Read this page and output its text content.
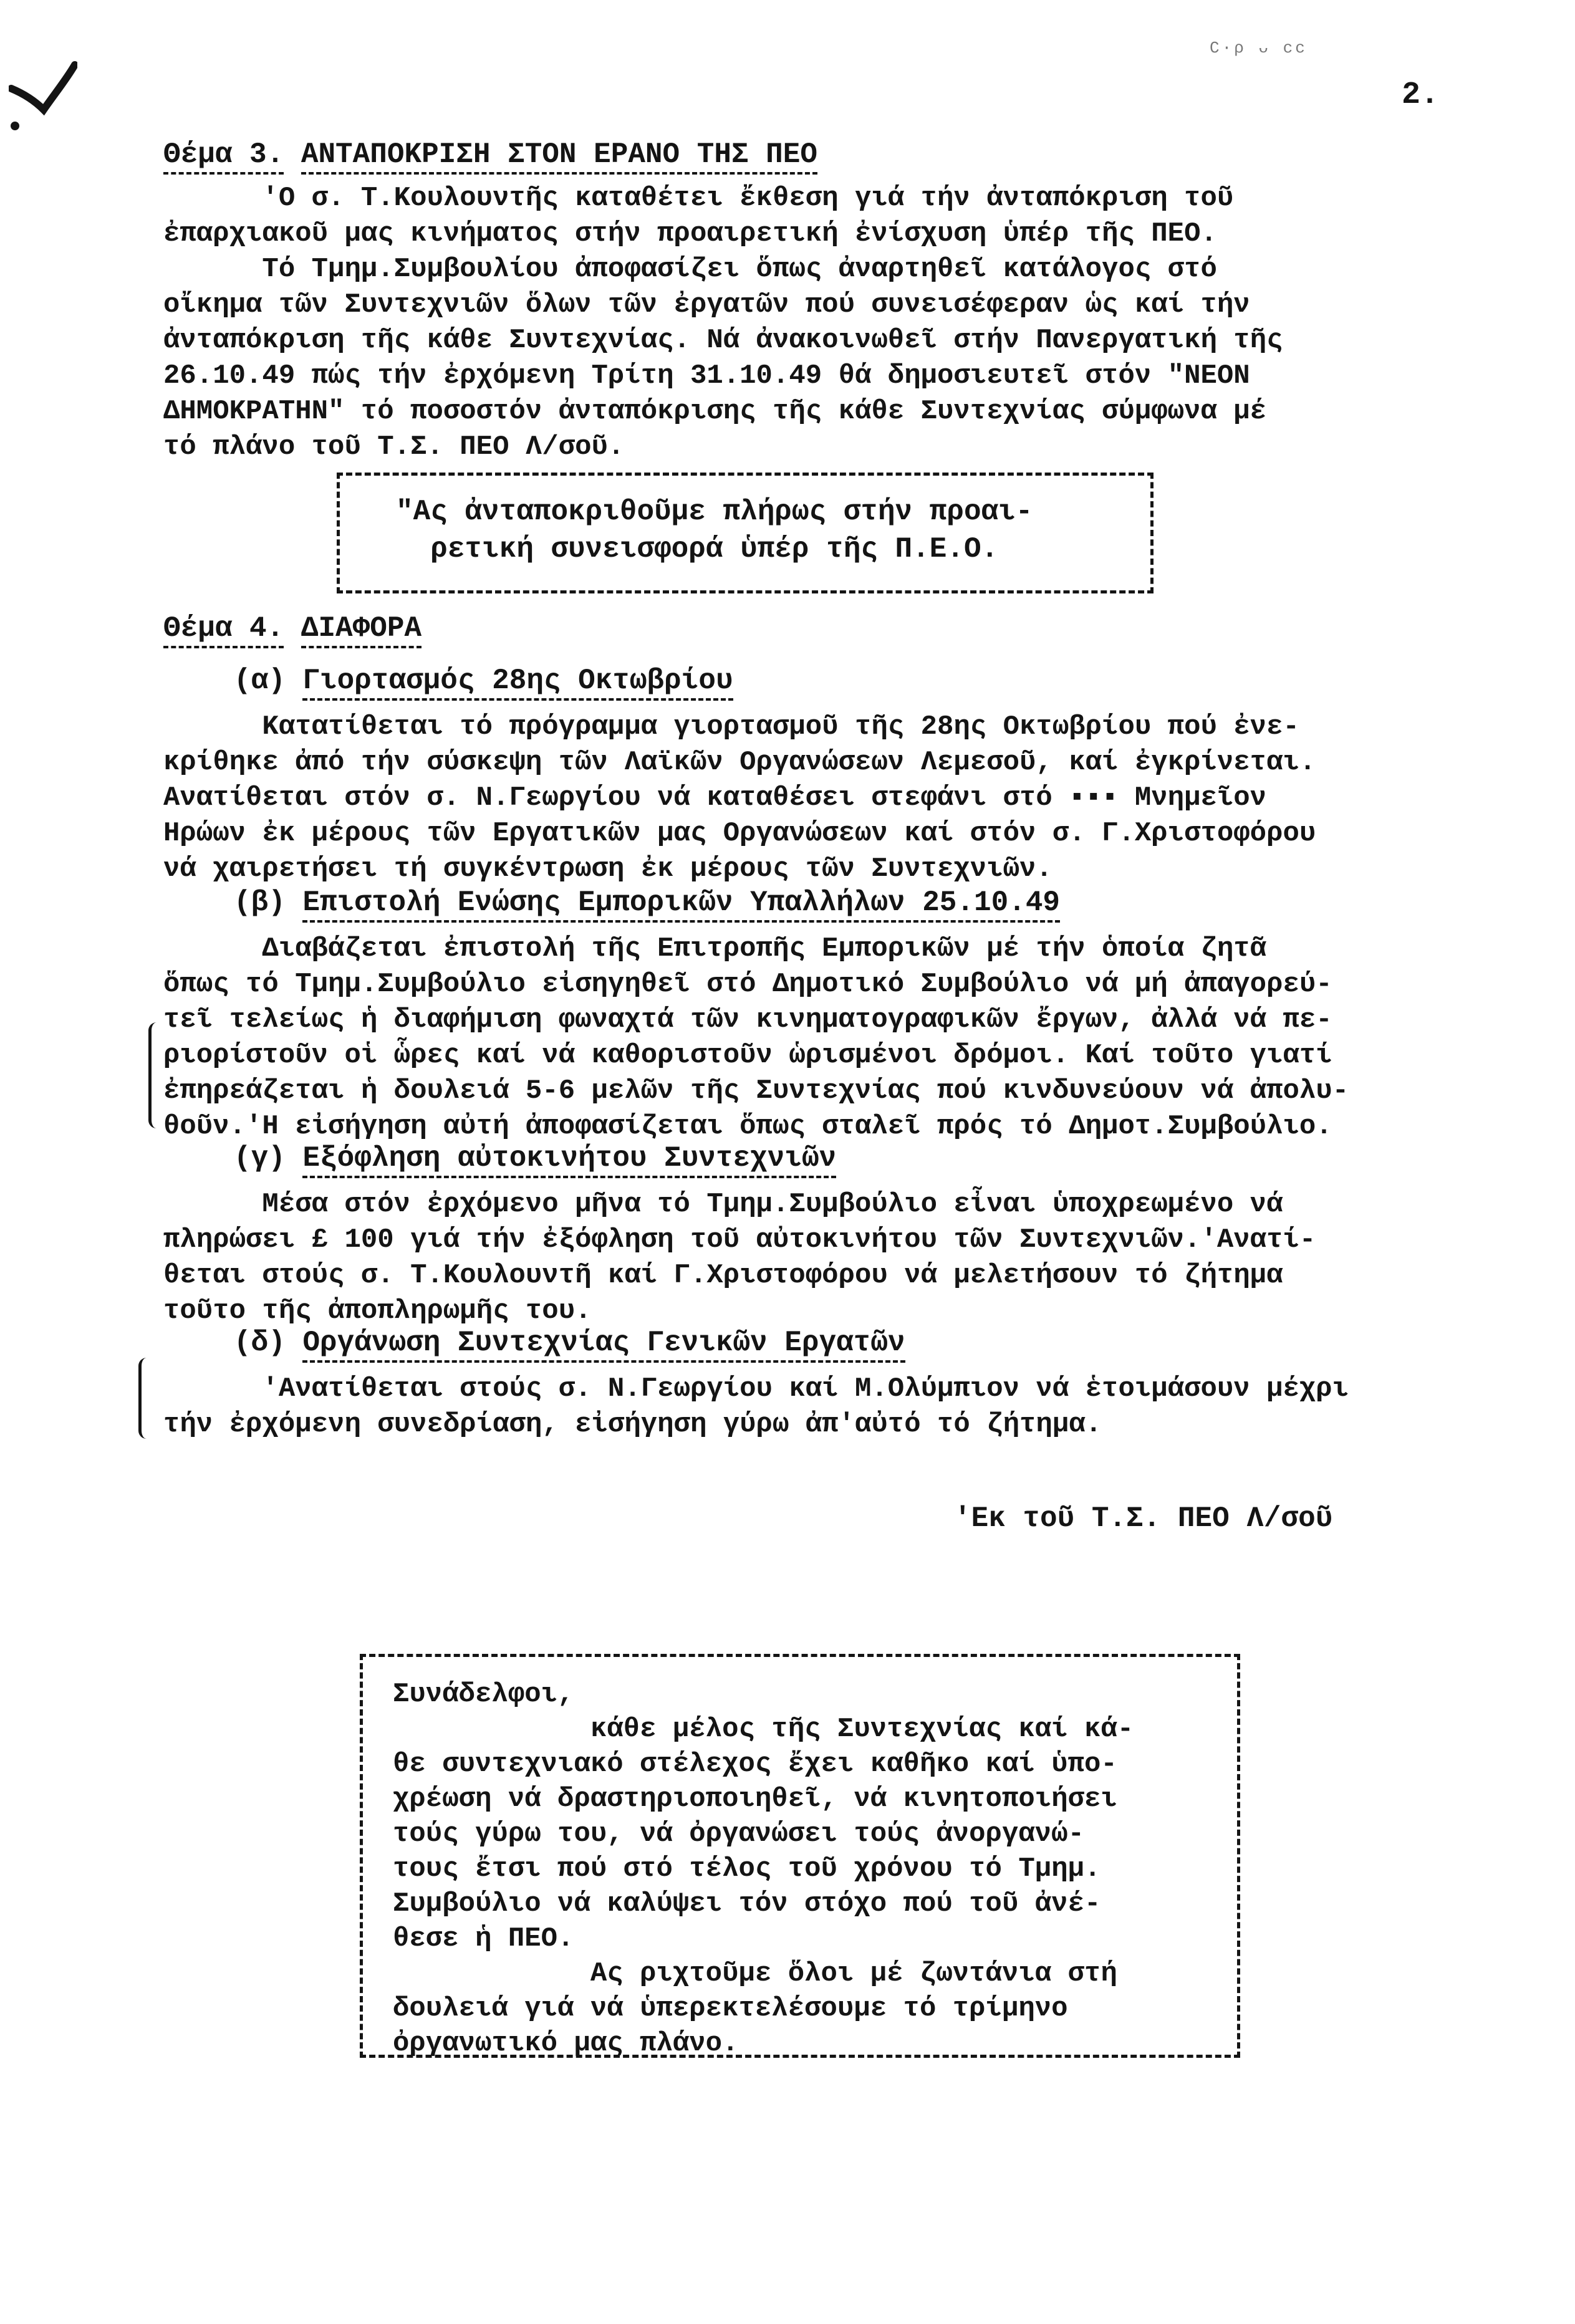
Ϲ·ρ ᴗ ϲϲ
2.
Θέμα 3. ΑΝΤΑΠΟΚΡΙΣΗ ΣΤΟΝ ΕΡΑΝΟ ΤΗΣ ΠΕΟ

'Ο σ. Τ.Κουλουντῆς καταθέτει ἔκθεση γιά τήν ἀνταπόκριση τοῦ

ἐπαρχιακοῦ μας κινήματος στήν προαιρετική ἐνίσχυση ὑπέρ τῆς ΠΕΟ.

Τό Τμημ.Συμβουλίου ἀποφασίζει ὅπως ἀναρτηθεῖ κατάλογος στό

οἴκημα τῶν Συντεχνιῶν ὅλων τῶν ἐργατῶν πού συνεισέφεραν ὡς καί τήν

ἀνταπόκριση τῆς κάθε Συντεχνίας. Νά ἀνακοινωθεῖ στήν Πανεργατική τῆς

26.10.49 πώς τήν ἐρχόμενη Τρίτη 31.10.49 θά δημοσιευτεῖ στόν "ΝΕΟΝ

ΔΗΜΟΚΡΑΤΗΝ" τό ποσοστόν ἀνταπόκρισης τῆς κάθε Συντεχνίας σύμφωνα μέ

τό πλάνο τοῦ Τ.Σ. ΠΕΟ Λ/σοῦ.

"Ας ἀνταποκριθοῦμε πλήρως στήν προαι-

ρετική συνεισφορά ὑπέρ τῆς Π.Ε.Ο.

Θέμα 4. ΔΙΑΦΟΡΑ
(α) Γιορτασμός 28ης Οκτωβρίου

Κατατίθεται τό πρόγραμμα γιορτασμοῦ τῆς 28ης Οκτωβρίου πού ἐνε-

κρίθηκε ἀπό τήν σύσκεψη τῶν Λαϊκῶν Οργανώσεων Λεμεσοῦ, καί ἐγκρίνεται.

Ανατίθεται στόν σ. Ν.Γεωργίου νά καταθέσει στεφάνι στό ▪▪▪ Μνημεῖον

Ηρώων ἐκ μέρους τῶν Εργατικῶν μας Οργανώσεων καί στόν σ. Γ.Χριστοφόρου

νά χαιρετήσει τή συγκέντρωση ἐκ μέρους τῶν Συντεχνιῶν.

(β) Επιστολή Ενώσης Εμπορικῶν Υπαλλήλων 25.10.49

Διαβάζεται ἐπιστολή τῆς Επιτροπῆς Εμπορικῶν μέ τήν ὁποία ζητᾶ

ὅπως τό Τμημ.Συμβούλιο εἰσηγηθεῖ στό Δημοτικό Συμβούλιο νά μή ἀπαγορεύ-

τεῖ τελείως ἡ διαφήμιση φωναχτά τῶν κινηματογραφικῶν ἔργων, ἀλλά νά πε-

ριορίστοῦν οἱ ὧρες καί νά καθοριστοῦν ὡρισμένοι δρόμοι. Καί τοῦτο γιατί

ἐπηρεάζεται ἡ δουλειά 5-6 μελῶν τῆς Συντεχνίας πού κινδυνεύουν νά ἀπολυ-

θοῦν.'Η εἰσήγηση αὐτή ἀποφασίζεται ὅπως σταλεῖ πρός τό Δημοτ.Συμβούλιο.

(γ) Εξόφληση αὐτοκινήτου Συντεχνιῶν

Μέσα στόν ἐρχόμενο μῆνα τό Τμημ.Συμβούλιο εἶναι ὑποχρεωμένο νά

πληρώσει £ 100 γιά τήν ἐξόφληση τοῦ αὐτοκινήτου τῶν Συντεχνιῶν.'Ανατί-

θεται στούς σ. Τ.Κουλουντῆ καί Γ.Χριστοφόρου νά μελετήσουν τό ζήτημα

τοῦτο τῆς ἀποπληρωμῆς του.

(δ) Οργάνωση Συντεχνίας Γενικῶν Εργατῶν

'Ανατίθεται στούς σ. Ν.Γεωργίου καί Μ.Ολύμπιον νά ἑτοιμάσουν μέχρι

τήν ἐρχόμενη συνεδρίαση, εἰσήγηση γύρω ἀπ'αὐτό τό ζήτημα.

'Εκ τοῦ Τ.Σ. ΠΕΟ Λ/σοῦ

Συνάδελφοι,

κάθε μέλος τῆς Συντεχνίας καί κά-

θε συντεχνιακό στέλεχος ἔχει καθῆκο καί ὑπο-

χρέωση νά δραστηριοποιηθεῖ, νά κινητοποιήσει

τούς γύρω του, νά ὀργανώσει τούς ἀνοργανώ-

τους ἔτσι πού στό τέλος τοῦ χρόνου τό Τμημ.

Συμβούλιο νά καλύψει τόν στόχο πού τοῦ ἀνέ-

θεσε ἡ ΠΕΟ.

Ας ριχτοῦμε ὅλοι μέ ζωντάνια στή

δουλειά γιά νά ὑπερεκτελέσουμε τό τρίμηνο

ὀργανωτικό μας πλάνο.
